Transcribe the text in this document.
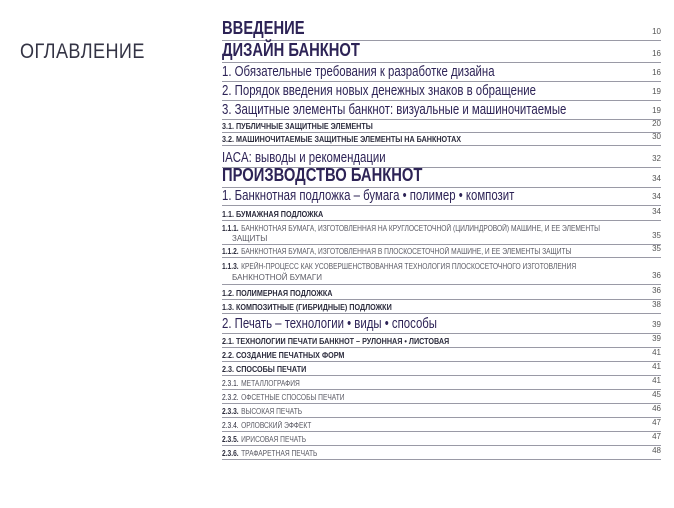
ОГЛАВЛЕНИЕ
ВВЕДЕНИЕ	10
ДИЗАЙН БАНКНОТ	16
1. Обязательные требования к разработке дизайна	16
2. Порядок введения новых денежных знаков в обращение	19
3. Защитные элементы банкнот: визуальные и машиночитаемые	19
3.1. ПУБЛИЧНЫЕ ЗАЩИТНЫЕ ЭЛЕМЕНТЫ	20
3.2. МАШИНОЧИТАЕМЫЕ ЗАЩИТНЫЕ ЭЛЕМЕНТЫ НА БАНКНОТАХ	30
IACA: выводы и рекомендации	32
ПРОИЗВОДСТВО БАНКНОТ	34
1. Банкнотная подложка – бумага • полимер • композит	34
1.1. БУМАЖНАЯ ПОДЛОЖКА	34
1.1.1. БАНКНОТНАЯ БУМАГА, ИЗГОТОВЛЕННАЯ НА КРУГЛОСЕТОЧНОЙ (ЦИЛИНДРОВОЙ) МАШИНЕ, И ЕЕ ЭЛЕМЕНТЫ
ЗАЩИТЫ	35
1.1.2. БАНКНОТНАЯ БУМАГА, ИЗГОТОВЛЕННАЯ В ПЛОСКОСЕТОЧНОЙ МАШИНЕ, И ЕЕ ЭЛЕМЕНТЫ ЗАЩИТЫ	35
1.1.3. КРЕЙН-ПРОЦЕСС КАК УСОВЕРШЕНСТВОВАННАЯ ТЕХНОЛОГИЯ ПЛОСКОСЕТОЧНОГО ИЗГОТОВЛЕНИЯ
БАНКНОТНОЙ БУМАГИ	36
1.2. ПОЛИМЕРНАЯ ПОДЛОЖКА	36
1.3. КОМПОЗИТНЫЕ (ГИБРИДНЫЕ) ПОДЛОЖКИ	38
2. Печать – технологии • виды • способы	39
2.1. ТЕХНОЛОГИИ ПЕЧАТИ БАНКНОТ – РУЛОННАЯ • ЛИСТОВАЯ	39
2.2. СОЗДАНИЕ ПЕЧАТНЫХ ФОРМ	41
2.3. СПОСОБЫ ПЕЧАТИ	41
2.3.1. МЕТАЛЛОГРАФИЯ	41
2.3.2. ОФСЕТНЫЕ СПОСОБЫ ПЕЧАТИ	45
2.3.3. ВЫСОКАЯ ПЕЧАТЬ	46
2.3.4. ОРЛОВСКИЙ ЭФФЕКТ	47
2.3.5. ИРИСОВАЯ ПЕЧАТЬ	47
2.3.6. ТРАФАРЕТНАЯ ПЕЧАТЬ	48
